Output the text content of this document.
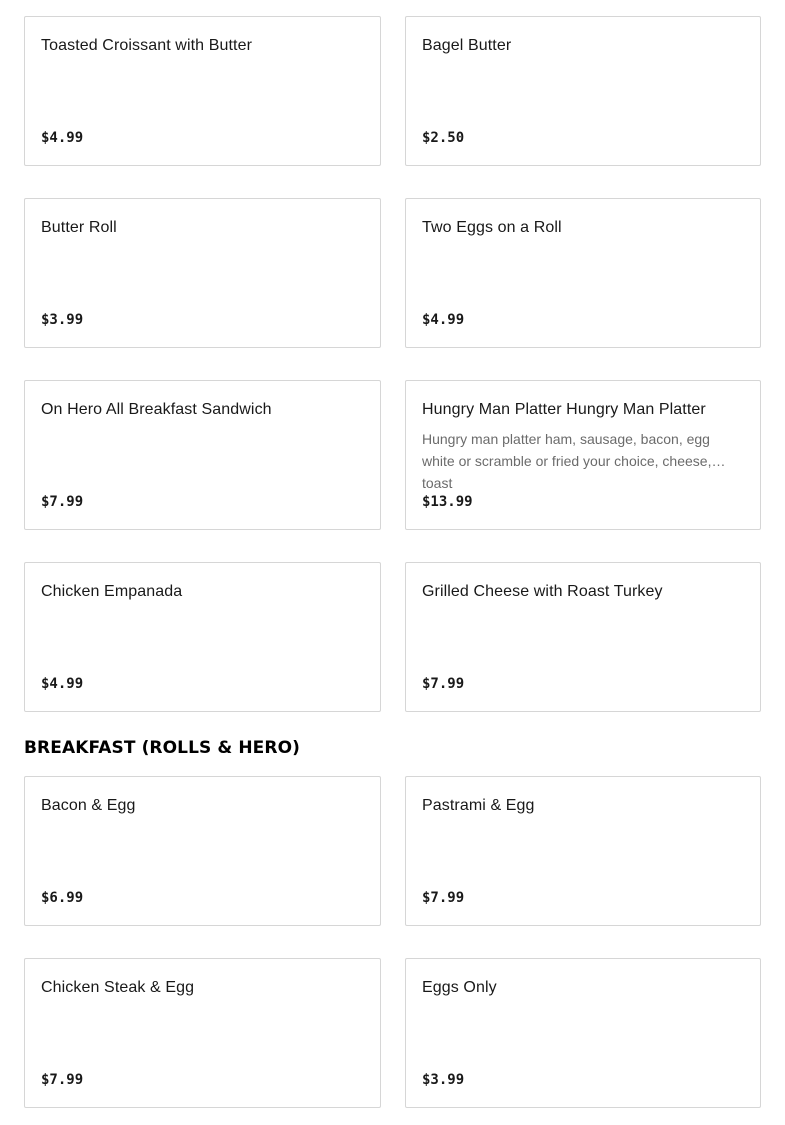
Toasted Croissant with Butter
$4.99
Bagel Butter
$2.50
Butter Roll
$3.99
Two Eggs on a Roll
$4.99
On Hero All Breakfast Sandwich
$7.99
Hungry Man Platter Hungry Man Platter
Hungry man platter ham, sausage, bacon, egg white or scramble or fried your choice, cheese, toast
$13.99
Chicken Empanada
$4.99
Grilled Cheese with Roast Turkey
$7.99
BREAKFAST (ROLLS & HERO)
Bacon & Egg
$6.99
Pastrami & Egg
$7.99
Chicken Steak & Egg
$7.99
Eggs Only
$3.99
